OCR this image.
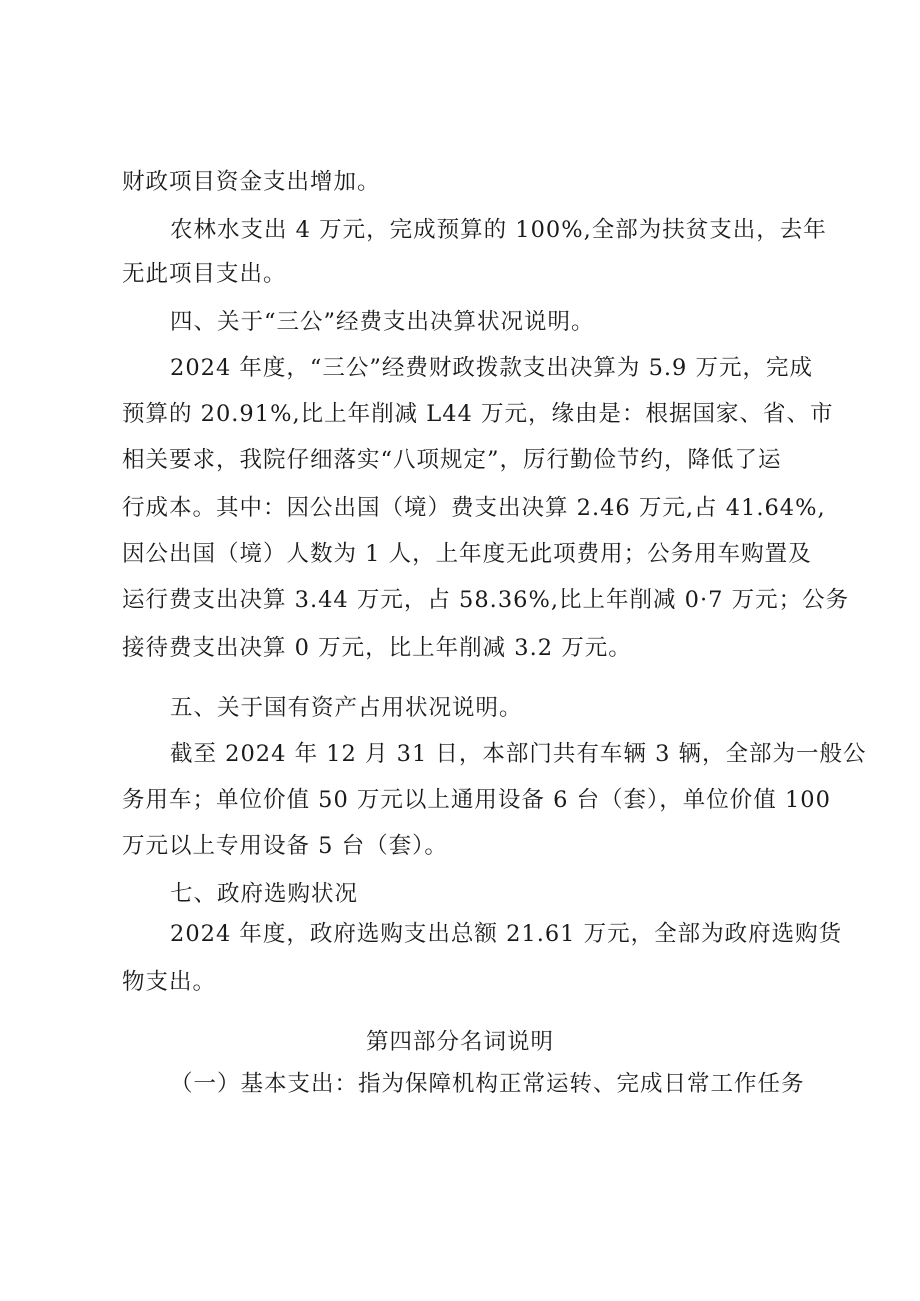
财政项目资金支出增加。
农林水支出 4 万元，完成预算的 100%,全部为扶贫支出，去年
无此项目支出。
四、关于“三公”经费支出决算状况说明。
2024 年度，“三公”经费财政拨款支出决算为 5.9 万元，完成
预算的 20.91%,比上年削减 L44 万元，缘由是：根据国家、省、市
相关要求，我院仔细落实“八项规定”，厉行勤俭节约，降低了运
行成本。其中：因公出国（境）费支出决算 2.46 万元,占 41.64%,
因公出国（境）人数为 1 人，上年度无此项费用；公务用车购置及
运行费支出决算 3.44 万元，占 58.36%,比上年削减 0·7 万元；公务
接待费支出决算 0 万元，比上年削减 3.2 万元。
五、关于国有资产占用状况说明。
截至 2024 年 12 月 31 日，本部门共有车辆 3 辆，全部为一般公
务用车；单位价值 50 万元以上通用设备 6 台（套），单位价值 100
万元以上专用设备 5 台（套）。
七、政府选购状况
2024 年度，政府选购支出总额 21.61 万元，全部为政府选购货
物支出。
第四部分名词说明
（一）基本支出：指为保障机构正常运转、完成日常工作任务
